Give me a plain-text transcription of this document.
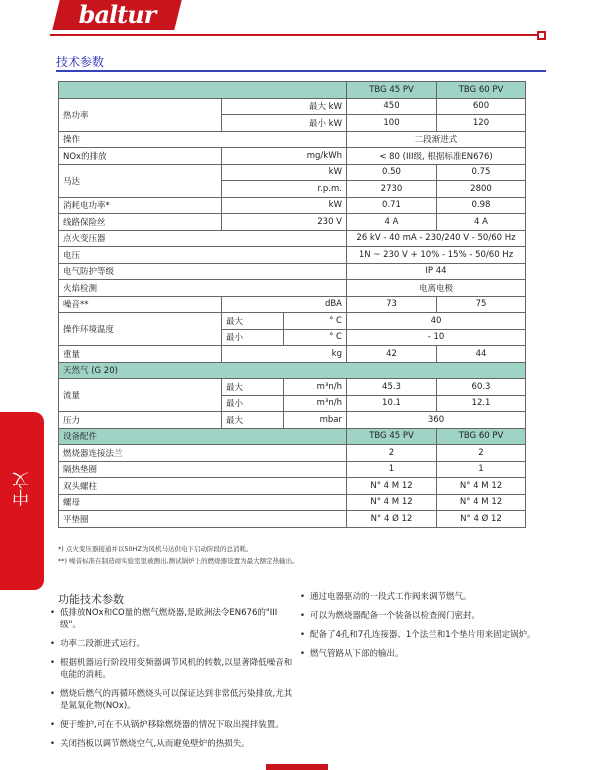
baltur
技术参数
			TBG 45 PV	TBG 60 PV
热功率	最大 kW		450	600
	最小 kW		100	120
操作			二段渐进式	
NOx的排放	mg/kWh		< 80 (III级, 根据标准EN676)	
马达	kW		0.50	0.75
	r.p.m.		2730	2800
消耗电功率*	kW		0.71	0.98
线路保险丝	230 V		4 A	4 A
点火变压器			26 kV - 40 mA - 230/240 V - 50/60 Hz	
电压			1N ~ 230 V + 10% - 15% - 50/60 Hz	
电气防护等级			IP 44	
火焰检测			电离电极	
噪音**	dBA		73	75
操作环境温度	最大	° C	40	
	最小	° C	- 10	
重量	kg		42	44
天然气 (G 20)				
流量	最大	m³n/h	45.3	60.3
	最小	m³n/h	10.1	12.1
压力	最大	mbar	360	
设备配件			TBG 45 PV	TBG 60 PV
燃烧器连接法兰			2	2
隔热垫圈			1	1
双头螺柱			N° 4 M 12	N° 4 M 12
螺母			N° 4 M 12	N° 4 M 12
平垫圈			N° 4 Ø 12	N° 4 Ø 12
*) 点火变压器接通并以50HZ为风机马达供电下启动阶段的总消耗。
**) 噪音标准在制造商实验室里被测出,测试锅炉上的燃烧器设置为最大额定热输出。
中文
功能技术参数
• 低排放NOx和CO量的燃气燃烧器,是欧洲法令EN676的"III级"。
• 功率二段渐进式运行。
• 根据机器运行阶段用变频器调节风机的转数,以显著降低噪音和电能的消耗。
• 燃烧后燃气的再循环燃烧头可以保证达到非常低污染排放,尤其是氮氧化物(NOx)。
• 便于维护,可在不从锅炉移除燃烧器的情况下取出搅拌装置。
• 关闭挡板以调节燃烧空气,从而避免壁炉的热损失。
• 通过电器驱动的一段式工作阀来调节燃气。
• 可以为燃烧器配备一个装备以检查阀门密封。
• 配备了4孔和7孔连接器、1个法兰和1个垫片用来固定锅炉。
• 燃气管路从下部的输出。
